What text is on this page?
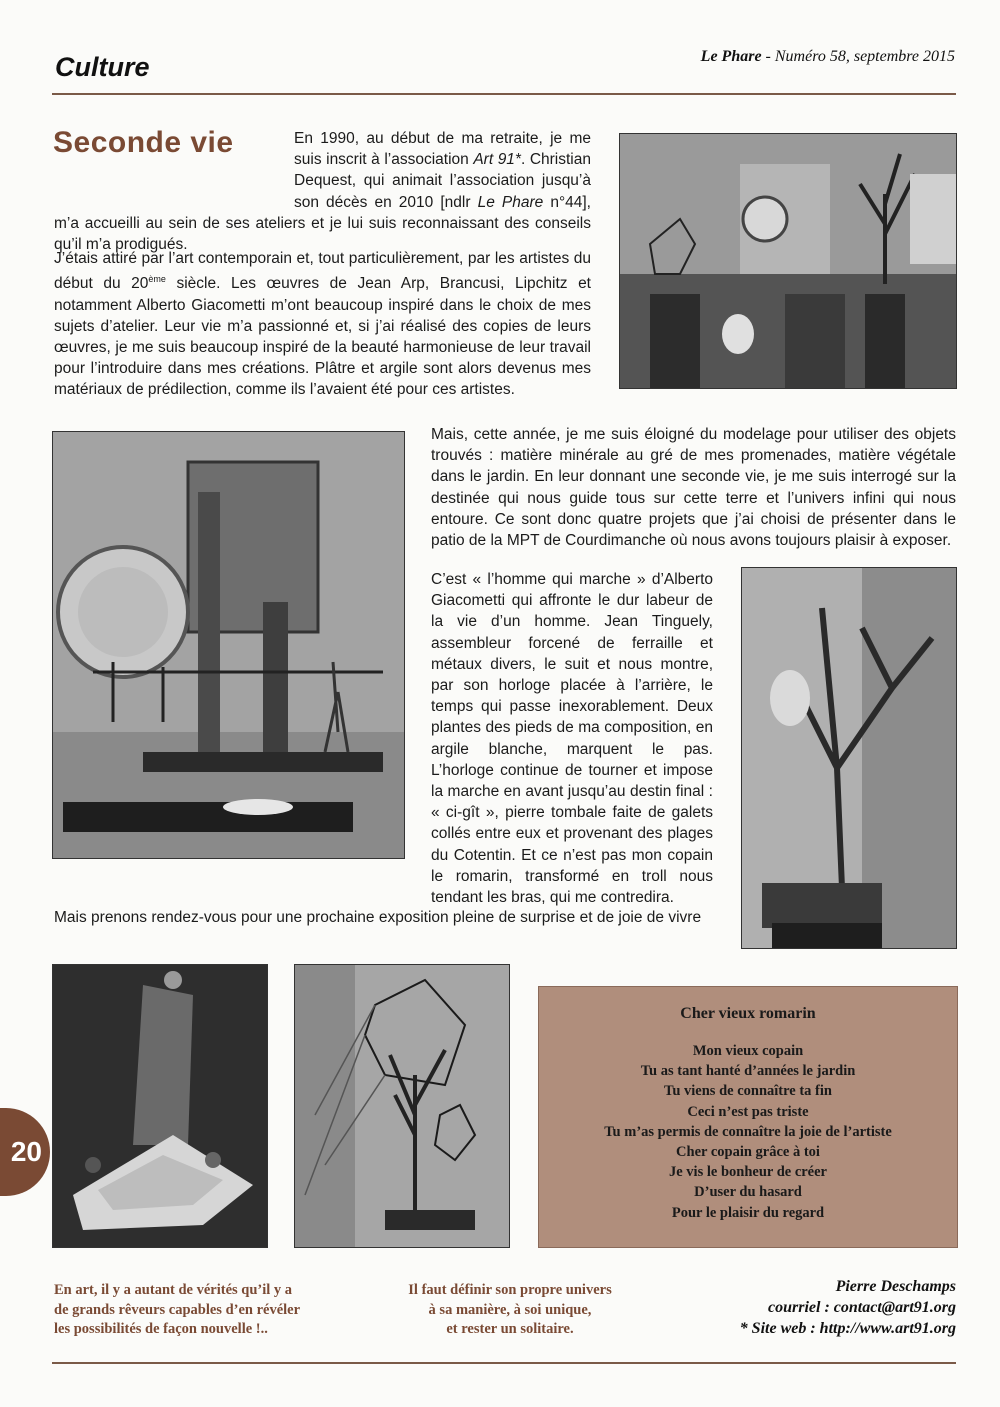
Culture	Le Phare - Numéro 58, septembre 2015
Seconde vie	En 1990, au début de ma retraite, je me suis inscrit à l’association Art 91*. Christian Dequest, qui animait l’association jusqu’à son décès en 2010 [ndlr Le Phare n°44], m’a accueilli au sein de ses ateliers et je lui suis reconnaissant des conseils qu’il m’a prodigués.
J’étais attiré par l’art contemporain et, tout particulièrement, par les artistes du début du 20ème siècle. Les œuvres de Jean Arp, Brancusi, Lipchitz et notamment Alberto Giacometti m’ont beaucoup inspiré dans le choix de mes sujets d’atelier. Leur vie m’a passionné et, si j’ai réalisé des copies de leurs œuvres, je me suis beaucoup inspiré de la beauté harmonieuse de leur travail pour l’introduire dans mes créations. Plâtre et argile sont alors devenus mes matériaux de prédilection, comme ils l’avaient été pour ces artistes.
Mais, cette année, je me suis éloigné du modelage pour utiliser des objets trouvés : matière minérale au gré de mes promenades, matière végétale dans le jardin. En leur donnant une seconde vie, je me suis interrogé sur la destinée qui nous guide tous sur cette terre et l’univers infini qui nous entoure. Ce sont donc quatre projets que j’ai choisi de présenter dans le patio de la MPT de Courdimanche où nous avons toujours plaisir à exposer.
C’est « l’homme qui marche » d’Alberto Giacometti qui affronte le dur labeur de la vie d’un homme. Jean Tinguely, assembleur forcené de ferraille et métaux divers, le suit et nous montre, par son horloge placée à l’arrière, le temps qui passe inexorablement. Deux plantes des pieds de ma composition, en argile blanche, marquent le pas. L’horloge continue de tourner et impose la marche en avant jusqu’au destin final : « ci-gît », pierre tombale faite de galets collés entre eux et provenant des plages du Cotentin. Et ce n’est pas mon copain le romarin, transformé en troll nous tendant les bras, qui me contredira.
Mais prenons rendez-vous pour une prochaine exposition pleine de surprise et de joie de vivre
Cher vieux romarin
Mon vieux copain
Tu as tant hanté d’années le jardin
Tu viens de connaître ta fin
Ceci n’est pas triste
Tu m’as permis de connaître la joie de l’artiste
Cher copain grâce à toi
Je vis le bonheur de créer
D’user du hasard
Pour le plaisir du regard
20
En art, il y a autant de vérités qu’il y a
de grands rêveurs capables d’en révéler
les possibilités de façon nouvelle !..
Il faut définir son propre univers
à sa manière, à soi unique,
et rester un solitaire.
Pierre Deschamps
courriel : contact@art91.org
* Site web : http://www.art91.org
